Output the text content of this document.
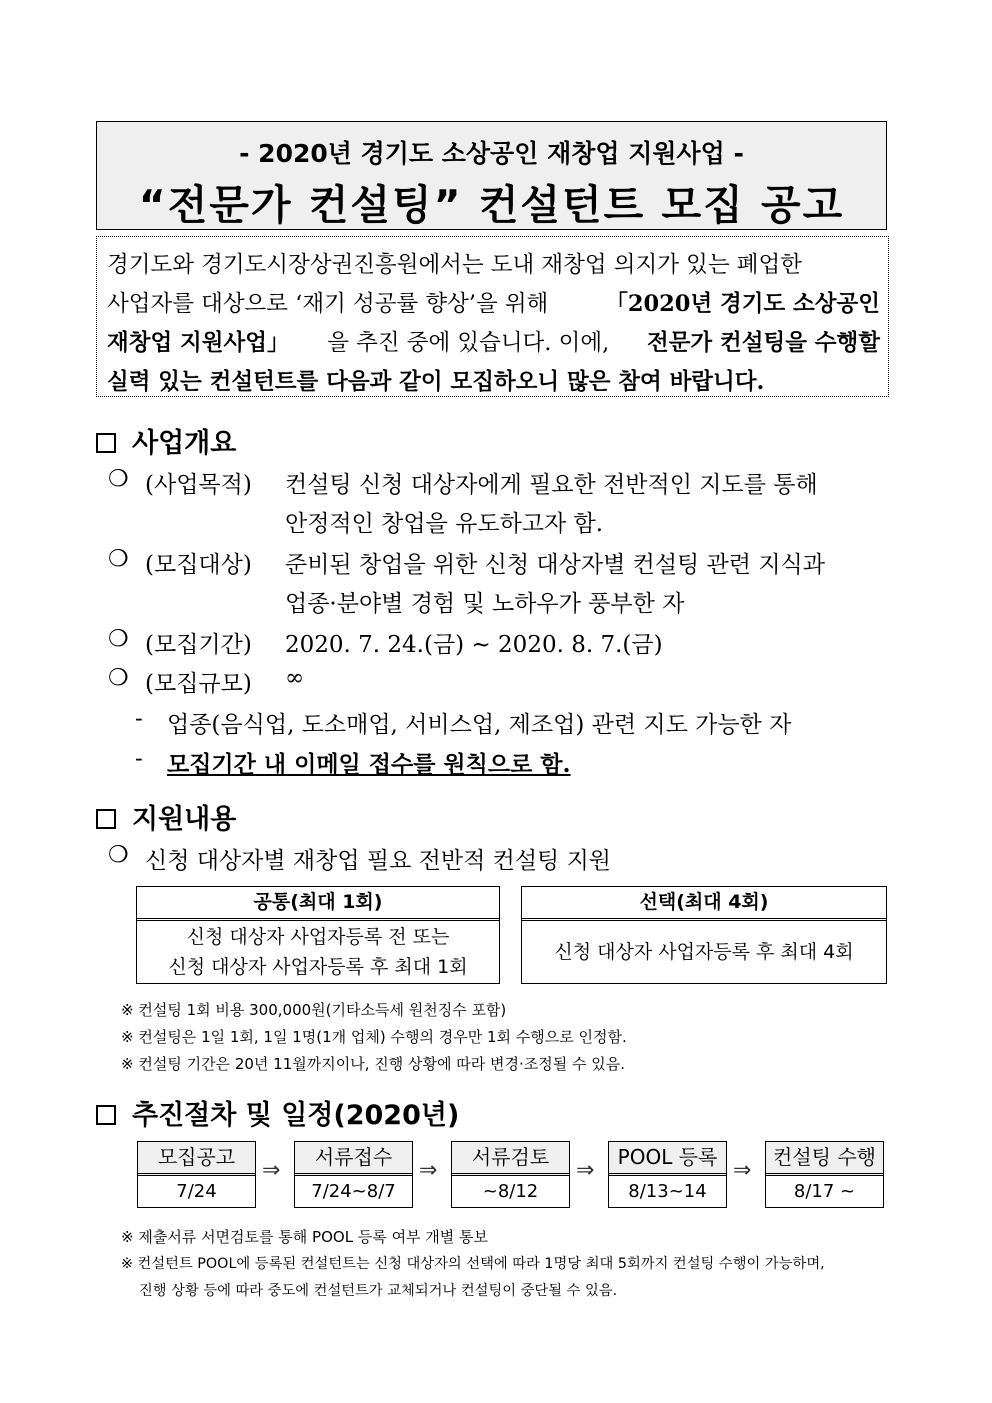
- 2020년 경기도 소상공인 재창업 지원사업 -
“전문가 컨설팅” 컨설턴트 모집 공고
경기도와 경기도시장상권진흥원에서는 도내 재창업 의지가 있는 폐업한
사업자를 대상으로 ‘재기 성공률 향상’을 위해	「2020년 경기도 소상공인
재창업 지원사업」 을 추진 중에 있습니다. 이에, 전문가 컨설팅을 수행할
실력 있는 컨설턴트를 다음과 같이 모집하오니 많은 참여 바랍니다.
사업개요
❍ (사업목적) 컨설팅 신청 대상자에게 필요한 전반적인 지도를 통해
안정적인 창업을 유도하고자 함.
❍ (모집대상) 준비된 창업을 위한 신청 대상자별 컨설팅 관련 지식과
업종·분야별 경험 및 노하우가 풍부한 자
❍ (모집기간) 2020. 7. 24.(금) ~ 2020. 8. 7.(금)
❍ (모집규모) ∞
- 업종(음식업, 도소매업, 서비스업, 제조업) 관련 지도 가능한 자
- 모집기간 내 이메일 접수를 원칙으로 함.
지원내용
❍ 신청 대상자별 재창업 필요 전반적 컨설팅 지원
공통(최대 1회)
신청 대상자 사업자등록 전 또는
신청 대상자 사업자등록 후 최대 1회
선택(최대 4회)
신청 대상자 사업자등록 후 최대 4회
※ 컨설팅 1회 비용 300,000원(기타소득세 원천징수 포함)
※ 컨설팅은 1일 1회, 1일 1명(1개 업체) 수행의 경우만 1회 수행으로 인정함.
※ 컨설팅 기간은 20년 11월까지이나, 진행 상황에 따라 변경·조정될 수 있음.
추진절차 및 일정(2020년)
모집공고
7/24
⇒
서류접수
7/24~8/7
⇒
서류검토
~8/12
⇒
POOL 등록
8/13~14
⇒
컨설팅 수행
8/17 ~
※ 제출서류 서면검토를 통해 POOL 등록 여부 개별 통보
※ 컨설턴트 POOL에 등록된 컨설턴트는 신청 대상자의 선택에 따라 1명당 최대 5회까지 컨설팅 수행이 가능하며,
진행 상황 등에 따라 중도에 컨설턴트가 교체되거나 컨설팅이 중단될 수 있음.
